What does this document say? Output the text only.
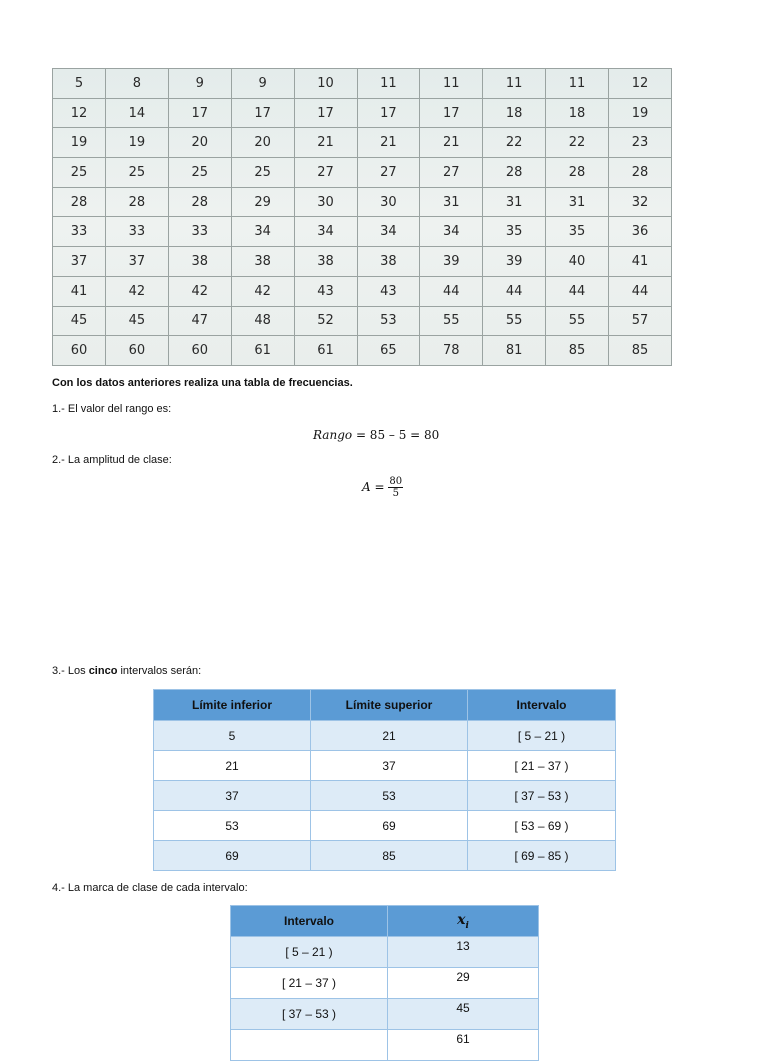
5	8	9	9	10	11	11	11	11	12
12	14	17	17	17	17	17	18	18	19
19	19	20	20	21	21	21	22	22	23
25	25	25	25	27	27	27	28	28	28
28	28	28	29	30	30	31	31	31	32
33	33	33	34	34	34	34	35	35	36
37	37	38	38	38	38	39	39	40	41
41	42	42	42	43	43	44	44	44	44
45	45	47	48	52	53	55	55	55	57
60	60	60	61	61	65	78	81	85	85
Con los datos anteriores realiza una tabla de frecuencias.
1.- El valor del rango es:
Rango = 85 – 5 = 80
2.- La amplitud de clase:
$A = \frac{80}{5}$
3.- Los cinco intervalos serán:
Límite inferior	Límite superior	Intervalo
5	21	[ 5 – 21 )
21	37	[ 21 – 37 )
37	53	[ 37 – 53 )
53	69	[ 53 – 69 )
69	85	[ 69 – 85 )
4.- La marca de clase de cada intervalo:
Intervalo	$x_i$
[ 5 – 21 )	13
[ 21 – 37 )	29
[ 37 – 53 )	45
	61
